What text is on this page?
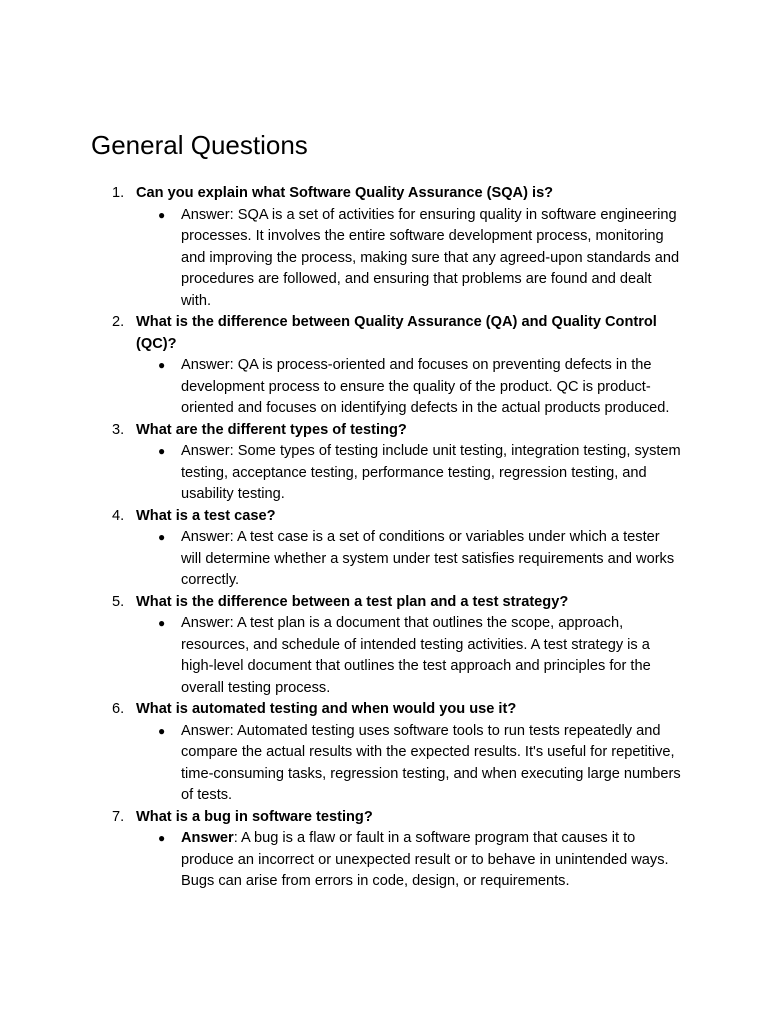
General Questions
1. Can you explain what Software Quality Assurance (SQA) is?
● Answer: SQA is a set of activities for ensuring quality in software engineering processes. It involves the entire software development process, monitoring and improving the process, making sure that any agreed-upon standards and procedures are followed, and ensuring that problems are found and dealt with.
2. What is the difference between Quality Assurance (QA) and Quality Control (QC)?
● Answer: QA is process-oriented and focuses on preventing defects in the development process to ensure the quality of the product. QC is product-oriented and focuses on identifying defects in the actual products produced.
3. What are the different types of testing?
● Answer: Some types of testing include unit testing, integration testing, system testing, acceptance testing, performance testing, regression testing, and usability testing.
4. What is a test case?
● Answer: A test case is a set of conditions or variables under which a tester will determine whether a system under test satisfies requirements and works correctly.
5. What is the difference between a test plan and a test strategy?
● Answer: A test plan is a document that outlines the scope, approach, resources, and schedule of intended testing activities. A test strategy is a high-level document that outlines the test approach and principles for the overall testing process.
6. What is automated testing and when would you use it?
● Answer: Automated testing uses software tools to run tests repeatedly and compare the actual results with the expected results. It's useful for repetitive, time-consuming tasks, regression testing, and when executing large numbers of tests.
7. What is a bug in software testing?
● Answer: A bug is a flaw or fault in a software program that causes it to produce an incorrect or unexpected result or to behave in unintended ways. Bugs can arise from errors in code, design, or requirements.
